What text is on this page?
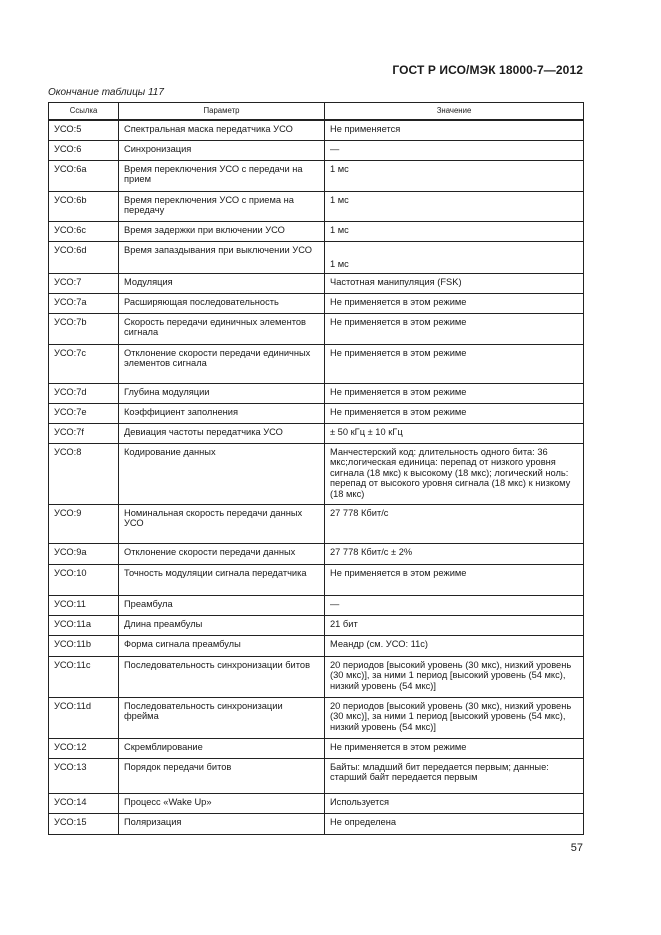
ГОСТ Р ИСО/МЭК 18000-7—2012
Окончание таблицы 117
Ссылка	Параметр	Значение
УСО:5	Спектральная маска передатчика УСО	Не применяется
УСО:6	Синхронизация	—
УСО:6а	Время переключения УСО с передачи на прием	1 мс
УСО:6b	Время переключения УСО с приема на передачу	1 мс
УСО:6с	Время задержки при включении УСО	1 мс
УСО:6d	Время запаздывания при выключении УСО	1 мс
УСО:7	Модуляция	Частотная манипуляция (FSK)
УСО:7а	Расширяющая последовательность	Не применяется в этом режиме
УСО:7b	Скорость передачи единичных элементов сигнала	Не применяется в этом режиме
УСО:7с	Отклонение скорости передачи единичных элементов сигнала	Не применяется в этом режиме
УСО:7d	Глубина модуляции	Не применяется в этом режиме
УСО:7е	Коэффициент заполнения	Не применяется в этом режиме
УСО:7f	Девиация частоты передатчика УСО	± 50 кГц ± 10 кГц
УСО:8	Кодирование данных	Манчестерский код: длительность одного бита: 36 мкс;логическая единица: перепад от низкого уровня сигнала (18 мкс) к высокому (18 мкс); логический ноль: перепад от высокого уровня сигнала (18 мкс) к низкому (18 мкс)
УСО:9	Номинальная скорость передачи данных УСО	27 778 Кбит/с
УСО:9а	Отклонение скорости передачи данных	27 778 Кбит/с ± 2%
УСО:10	Точность модуляции сигнала передатчика	Не применяется в этом режиме
УСО:11	Преамбула	—
УСО:11а	Длина преамбулы	21 бит
УСО:11b	Форма сигнала преамбулы	Меандр (см. УСО: 11с)
УСО:11с	Последовательность синхронизации битов	20 периодов [высокий уровень (30 мкс), низкий уровень (30 мкс)], за ними 1 период [высокий уровень (54 мкс), низкий уровень (54 мкс)]
УСО:11d	Последовательность синхронизации фрейма	20 периодов [высокий уровень (30 мкс), низкий уровень (30 мкс)], за ними 1 период [высокий уровень (54 мкс), низкий уровень (54 мкс)]
УСО:12	Скремблирование	Не применяется в этом режиме
УСО:13	Порядок передачи битов	Байты: младший бит передается первым; данные: старший байт передается первым
УСО:14	Процесс «Wake Up»	Используется
УСО:15	Поляризация	Не определена
57
